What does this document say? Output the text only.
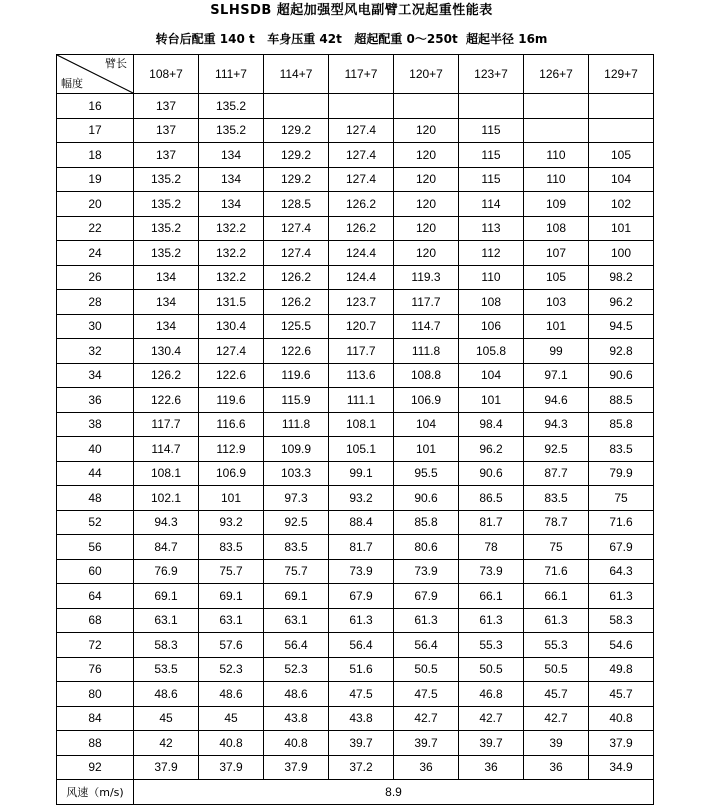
SLHSDB 超起加强型风电副臂工况起重性能表
转台后配重 140 t   车身压重 42t   超起配重 0～250t  超起半径 16m
臂长
幅度	108+7	111+7	114+7	117+7	120+7	123+7	126+7	129+7
16	137	135.2						
17	137	135.2	129.2	127.4	120	115		
18	137	134	129.2	127.4	120	115	110	105
19	135.2	134	129.2	127.4	120	115	110	104
20	135.2	134	128.5	126.2	120	114	109	102
22	135.2	132.2	127.4	126.2	120	113	108	101
24	135.2	132.2	127.4	124.4	120	112	107	100
26	134	132.2	126.2	124.4	119.3	110	105	98.2
28	134	131.5	126.2	123.7	117.7	108	103	96.2
30	134	130.4	125.5	120.7	114.7	106	101	94.5
32	130.4	127.4	122.6	117.7	111.8	105.8	99	92.8
34	126.2	122.6	119.6	113.6	108.8	104	97.1	90.6
36	122.6	119.6	115.9	111.1	106.9	101	94.6	88.5
38	117.7	116.6	111.8	108.1	104	98.4	94.3	85.8
40	114.7	112.9	109.9	105.1	101	96.2	92.5	83.5
44	108.1	106.9	103.3	99.1	95.5	90.6	87.7	79.9
48	102.1	101	97.3	93.2	90.6	86.5	83.5	75
52	94.3	93.2	92.5	88.4	85.8	81.7	78.7	71.6
56	84.7	83.5	83.5	81.7	80.6	78	75	67.9
60	76.9	75.7	75.7	73.9	73.9	73.9	71.6	64.3
64	69.1	69.1	69.1	67.9	67.9	66.1	66.1	61.3
68	63.1	63.1	63.1	61.3	61.3	61.3	61.3	58.3
72	58.3	57.6	56.4	56.4	56.4	55.3	55.3	54.6
76	53.5	52.3	52.3	51.6	50.5	50.5	50.5	49.8
80	48.6	48.6	48.6	47.5	47.5	46.8	45.7	45.7
84	45	45	43.8	43.8	42.7	42.7	42.7	40.8
88	42	40.8	40.8	39.7	39.7	39.7	39	37.9
92	37.9	37.9	37.9	37.2	36	36	36	34.9
风速（m/s)	8.9							
